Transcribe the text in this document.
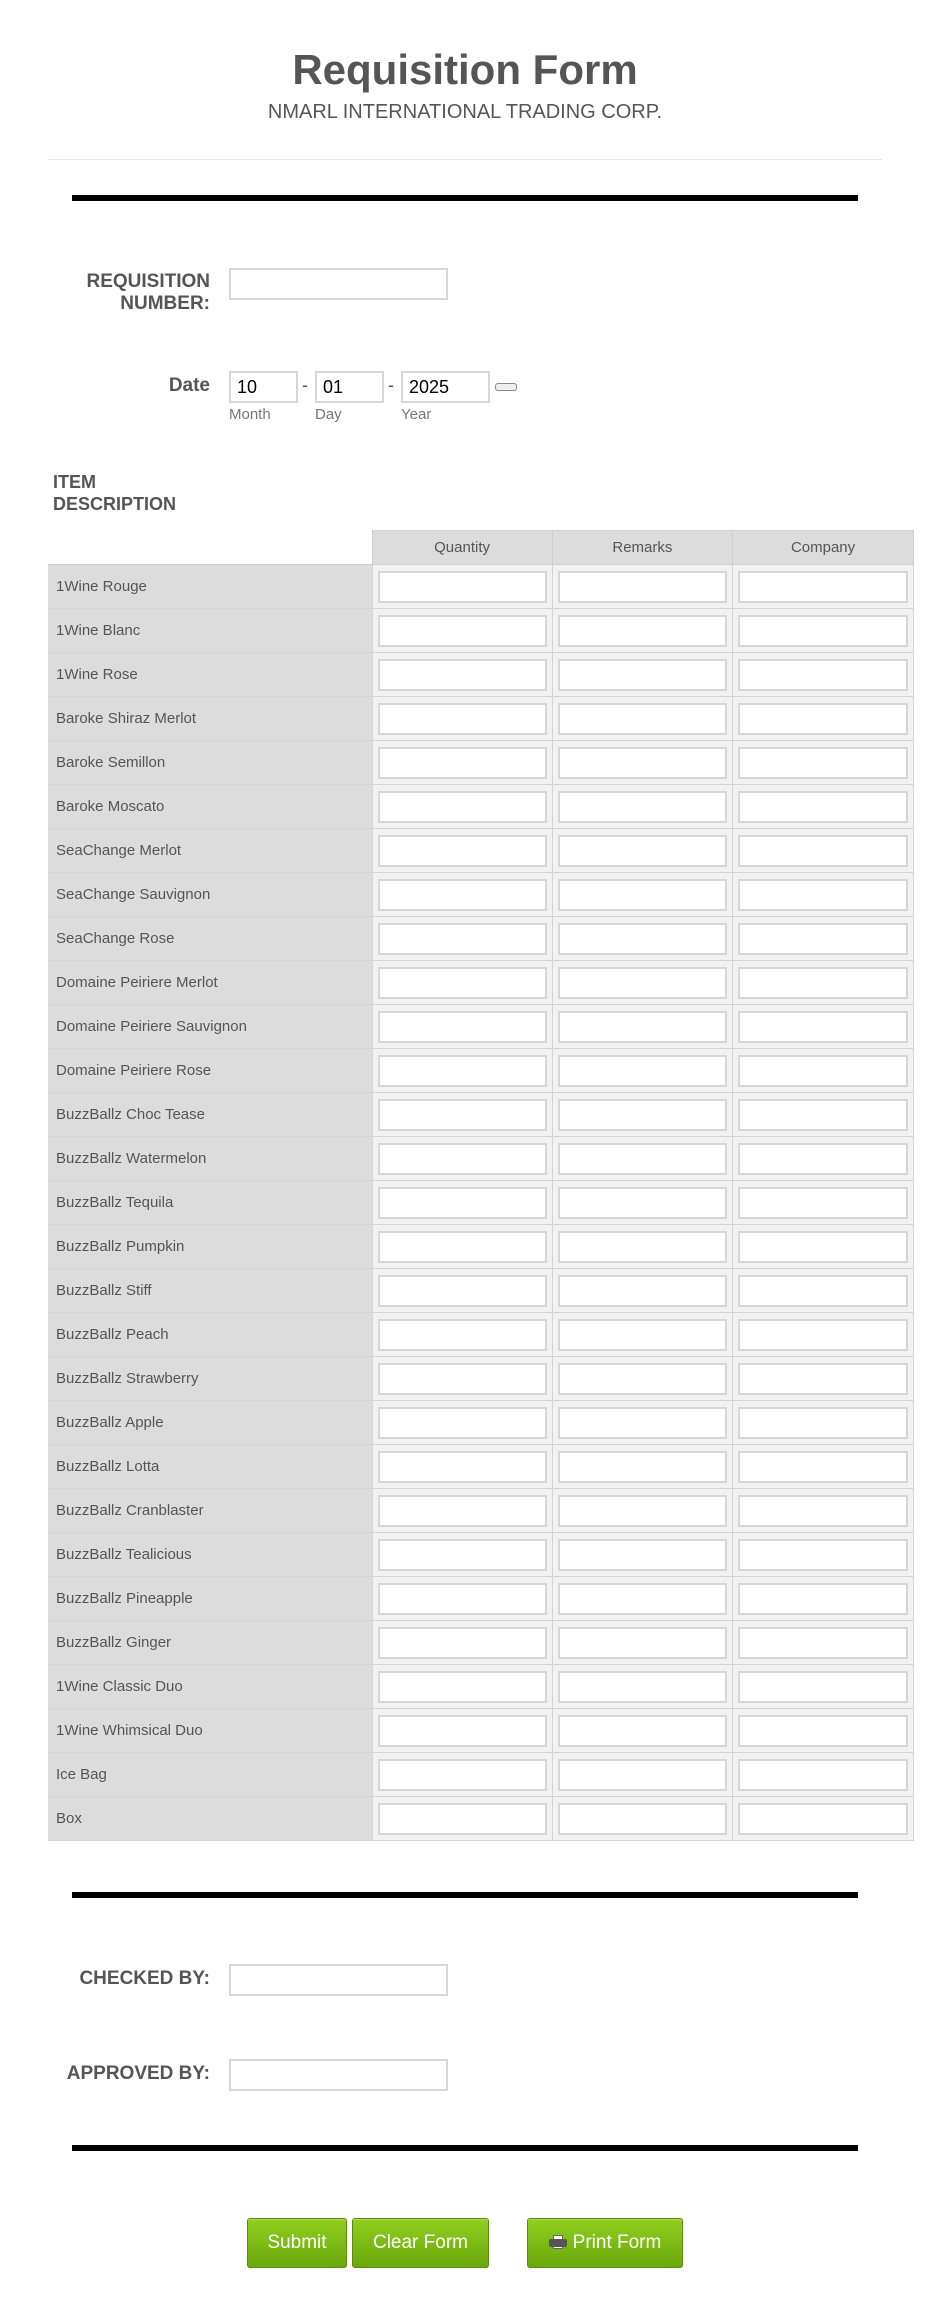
Requisition Form
NMARL INTERNATIONAL TRADING CORP.
REQUISITION
NUMBER:
Date
10	-
01	-
2025
Month	Day	Year
ITEM
DESCRIPTION
	Quantity	Remarks	Company
1Wine Rouge	

1Wine Blanc	

1Wine Rose	

Baroke Shiraz Merlot	

Baroke Semillon	

Baroke Moscato	

SeaChange Merlot	

SeaChange Sauvignon	

SeaChange Rose	

Domaine Peiriere Merlot	

Domaine Peiriere Sauvignon	

Domaine Peiriere Rose	

BuzzBallz Choc Tease	

BuzzBallz Watermelon	

BuzzBallz Tequila	

BuzzBallz Pumpkin	

BuzzBallz Stiff	

BuzzBallz Peach	

BuzzBallz Strawberry	

BuzzBallz Apple	

BuzzBallz Lotta	

BuzzBallz Cranblaster	

BuzzBallz Tealicious	

BuzzBallz Pineapple	

BuzzBallz Ginger	

1Wine Classic Duo	

1Wine Whimsical Duo	

Ice Bag	

Box	

CHECKED BY:
APPROVED BY:
Submit	Clear Form	Print Form
